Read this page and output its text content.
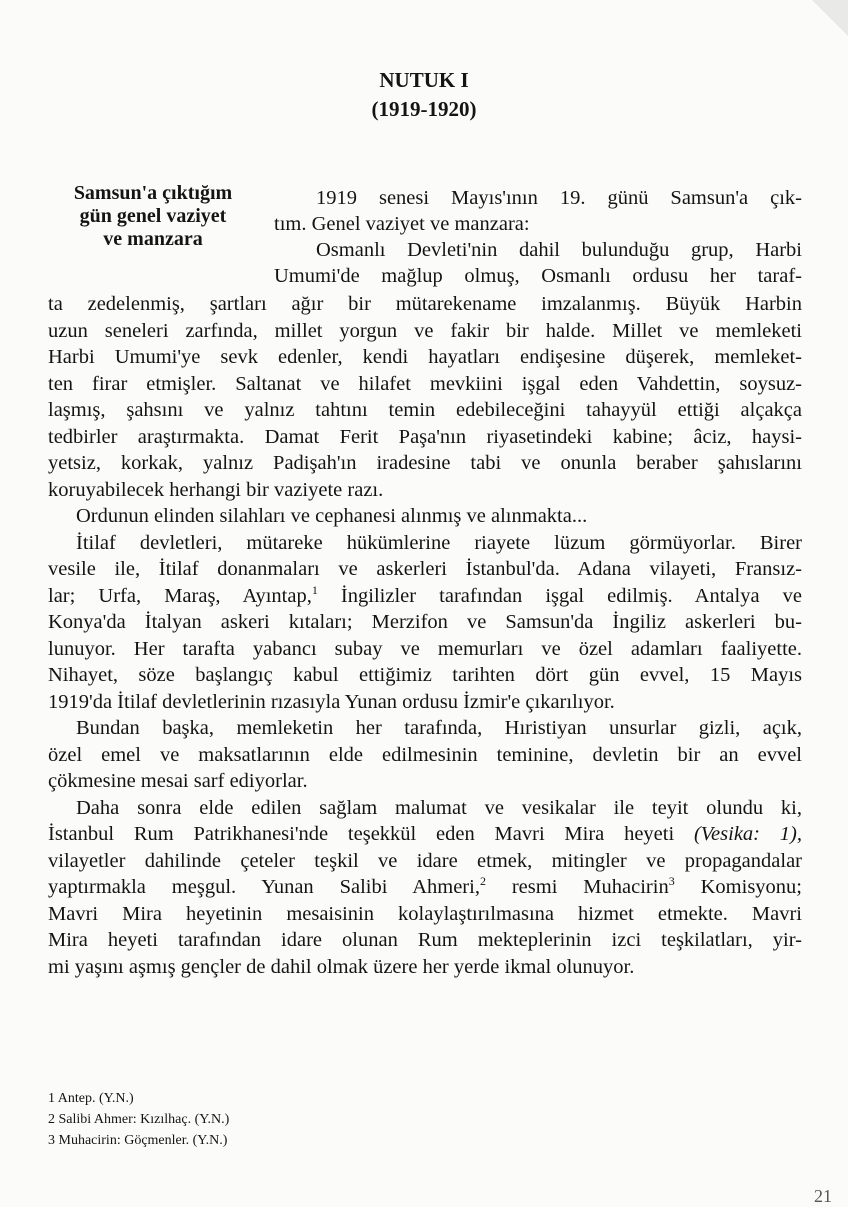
NUTUK I
(1919-1920)
Samsun'a çıktığım
gün genel vaziyet
ve manzara
1919 senesi Mayıs'ının 19. günü Samsun'a çık-
tım. Genel vaziyet ve manzara:
Osmanlı Devleti'nin dahil bulunduğu grup, Harbi
Umumi'de mağlup olmuş, Osmanlı ordusu her taraf-
ta zedelenmiş, şartları ağır bir mütarekename imzalanmış. Büyük Harbin
uzun seneleri zarfında, millet yorgun ve fakir bir halde. Millet ve memleketi
Harbi Umumi'ye sevk edenler, kendi hayatları endişesine düşerek, memleket-
ten firar etmişler. Saltanat ve hilafet mevkiini işgal eden Vahdettin, soysuz-
laşmış, şahsını ve yalnız tahtını temin edebileceğini tahayyül ettiği alçakça
tedbirler araştırmakta. Damat Ferit Paşa'nın riyasetindeki kabine; âciz, haysi-
yetsiz, korkak, yalnız Padişah'ın iradesine tabi ve onunla beraber şahıslarını
koruyabilecek herhangi bir vaziyete razı.
Ordunun elinden silahları ve cephanesi alınmış ve alınmakta...
İtilaf devletleri, mütareke hükümlerine riayete lüzum görmüyorlar. Birer
vesile ile, İtilaf donanmaları ve askerleri İstanbul'da. Adana vilayeti, Fransız-
lar; Urfa, Maraş, Ayıntap,$^1$ İngilizler tarafından işgal edilmiş. Antalya ve
Konya'da İtalyan askeri kıtaları; Merzifon ve Samsun'da İngiliz askerleri bu-
lunuyor. Her tarafta yabancı subay ve memurları ve özel adamları faaliyette.
Nihayet, söze başlangıç kabul ettiğimiz tarihten dört gün evvel, 15 Mayıs
1919'da İtilaf devletlerinin rızasıyla Yunan ordusu İzmir'e çıkarılıyor.
Bundan başka, memleketin her tarafında, Hıristiyan unsurlar gizli, açık,
özel emel ve maksatlarının elde edilmesinin teminine, devletin bir an evvel
çökmesine mesai sarf ediyorlar.
Daha sonra elde edilen sağlam malumat ve vesikalar ile teyit olundu ki,
İstanbul Rum Patrikhanesi'nde teşekkül eden Mavri Mira heyeti (Vesika: 1),
vilayetler dahilinde çeteler teşkil ve idare etmek, mitingler ve propagandalar
yaptırmakla meşgul. Yunan Salibi Ahmeri,$^2$ resmi Muhacirin$^3$ Komisyonu;
Mavri Mira heyetinin mesaisinin kolaylaştırılmasına hizmet etmekte. Mavri
Mira heyeti tarafından idare olunan Rum mekteplerinin izci teşkilatları, yir-
mi yaşını aşmış gençler de dahil olmak üzere her yerde ikmal olunuyor.
1 Antep. (Y.N.)
2 Salibi Ahmer: Kızılhaç. (Y.N.)
3 Muhacirin: Göçmenler. (Y.N.)
21
